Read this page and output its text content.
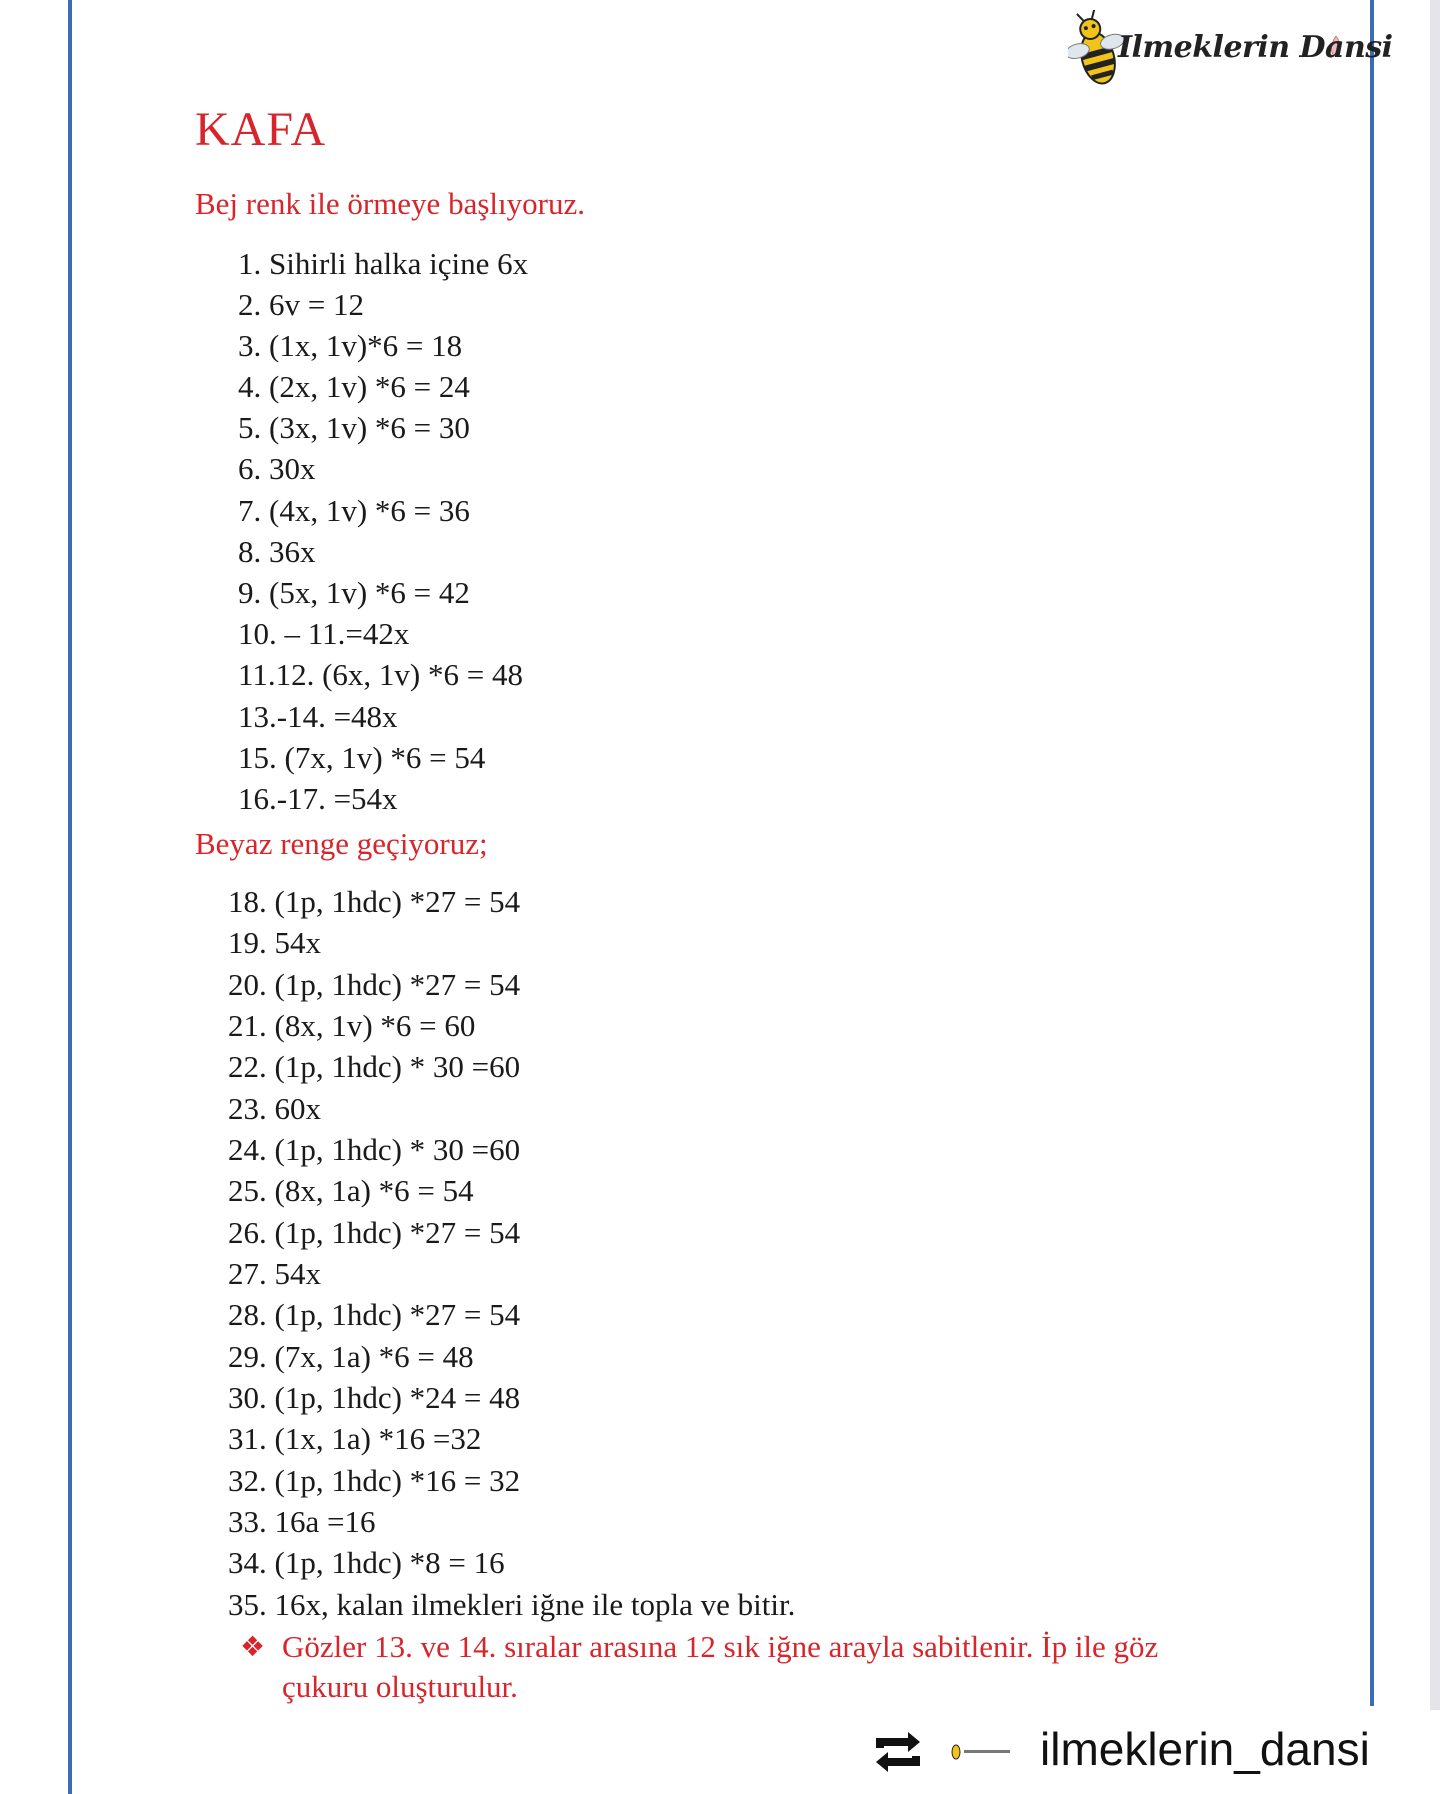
Ilmeklerin Dansi
KAFA

Bej renk ile örmeye başlıyoruz.

1. Sihirli halka içine 6x
2. 6v = 12
3. (1x, 1v)*6 = 18
4. (2x, 1v) *6 = 24
5. (3x, 1v) *6 = 30
6. 30x
7. (4x, 1v) *6 = 36
8. 36x
9. (5x, 1v) *6 = 42
10. – 11.=42x
11.12. (6x, 1v) *6 = 48
13.-14. =48x
15. (7x, 1v) *6 = 54
16.-17. =54x

Beyaz renge geçiyoruz;

18. (1p, 1hdc) *27 = 54
19. 54x
20. (1p, 1hdc) *27 = 54
21. (8x, 1v) *6 = 60
22. (1p, 1hdc) * 30 =60
23. 60x
24. (1p, 1hdc) * 30 =60
25. (8x, 1a) *6 = 54
26. (1p, 1hdc) *27 = 54
27. 54x
28. (1p, 1hdc) *27 = 54
29. (7x, 1a) *6 = 48
30. (1p, 1hdc) *24 = 48
31. (1x, 1a) *16 =32
32. (1p, 1hdc) *16 = 32
33. 16a =16
34. (1p, 1hdc) *8 = 16
35. 16x, kalan ilmekleri iğne ile topla ve bitir.
❖ Gözler 13. ve 14. sıralar arasına 12 sık iğne arayla sabitlenir. İp ile göz çukuru oluşturulur.
ilmeklerin_dansi
